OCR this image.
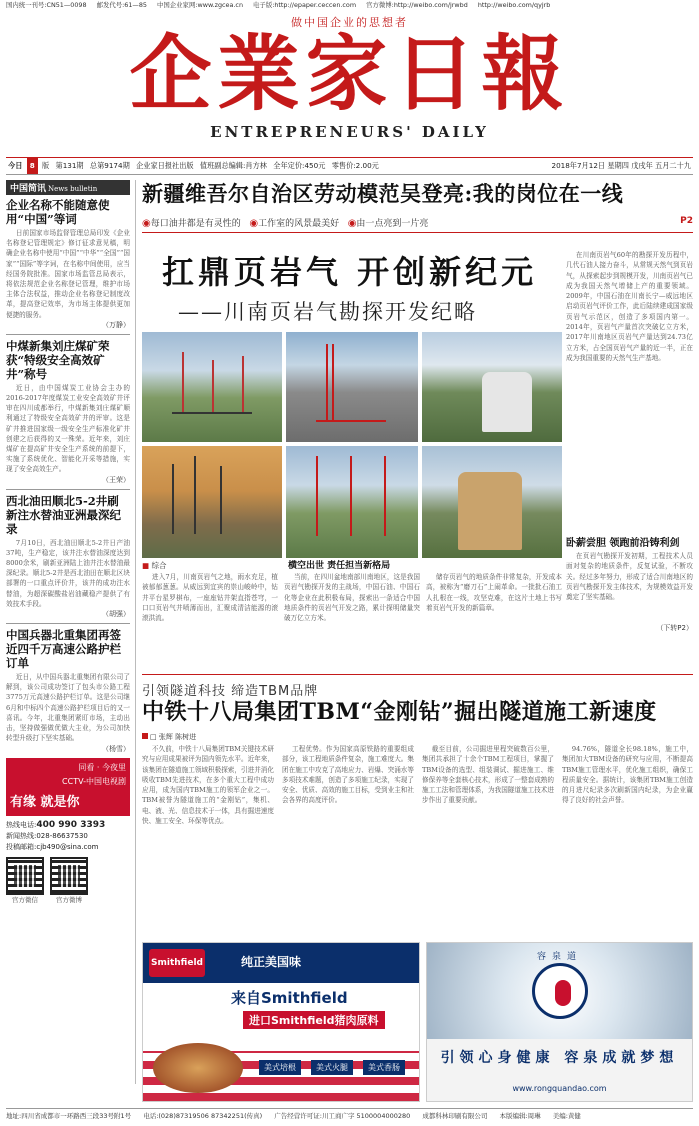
国内统一刊号:CN51—0098 邮发代号:61—85 中国企业家网:www.zgcea.cn 电子版:http://epaper.ceccen.com 官方微博:http://weibo.com/jrwbd http://weibo.com/qyjrb
做中国企业的思想者
企業家日報
ENTREPRENEURS' DAILY
今日 8 版 第131期 总第9174期 企业家日报社出版 值班副总编辑:肖方林 全年定价:450元 零售价:2.00元	2018年7月12日 星期四 戊戌年 五月二十九
中国简讯 News bulletin
企业名称不能随意使用“中国”等词
日前国家市场监督管理总局印发《企业名称登记管理规定》修订征求意见稿，明确企业名称中使用“中国”“中华”“全国”“国家”“国际”等字词，在名称中间使用，应当经国务院批准。国家市场监管总局表示，将依法规范企业名称登记管理，维护市场主体合法权益，推动企业名称登记制度改革，提高登记效率，为市场主体提供更加便捷的服务。
（万静）
中煤新集刘庄煤矿荣获“特级安全高效矿井”称号
近日，由中国煤炭工业协会主办的2016-2017年度煤炭工业安全高效矿井评审在四川成都举行，中煤新集刘庄煤矿顺利通过了特级安全高效矿井的评审。这是矿井推进国家级一级安全生产标准化矿井创建之后获得的又一殊荣。近年来，刘庄煤矿在提高矿井安全生产系统的前提下，实施了系统优化、智能化开采等措施，实现了安全高效生产。
（王荣）
西北油田顺北5-2井刷新注水替油亚洲最深纪录
7月10日，西北油田顺北5-2井日产油37吨，生产稳定，该井注水替油深度达到8000余米，刷新亚洲陆上油井注水替油最深纪录。顺北5-2井是西北油田在顺北区块部署的一口重点评价井，该井的成功注水替油，为超深碳酸盐岩油藏稳产提供了有效技术手段。
（胡强）
中国兵器北重集团再签近四千万高速公路护栏订单
近日，从中国兵器北重集团有限公司了解到，该公司成功签订了包头市公路工程3775万元高速公路护栏订单。这是公司继6月和中标四个高速公路护栏项目后的又一喜讯。今年，北重集团紧盯市场，主动出击，坚持做强做优做大主业，为公司加快转型升级打下坚实基础。
（杨雪）
同看 · 今夜里
CCTV-中国电视剧
有缘 就是你
热线电话:400 990 3393
新闻热线:028-86637530
投稿邮箱:cjb490@sina.com
官方微信	官方微博
新疆维吾尔自治区劳动模范吴登亮:我的岗位在一线
◉每口油井都是有灵性的 ◉工作室的风景最美好 ◉由一点亮到一片亮	P2
扛鼎页岩气 开创新纪元
——川南页岩气勘探开发纪略
■ 综合	横空出世 责任担当新格局
进入7月，川南页岩气之地，雨水充足，植被郁郁葱葱。从威远到宜宾的崇山峻岭中，钻井平台星罗棋布，一座座钻井架直指苍穹，一口口页岩气井喷薄而出，汇聚成清洁能源的滚滚洪流。
当前，在四川盆地南部川南地区，这是我国页岩气勘探开发的主战场，中国石油、中国石化等企业在此积极布局，探索出一条适合中国地质条件的页岩气开发之路，累计探明储量突破万亿立方米。
储存页岩气的地质条件非常复杂，开发成本高，被称为“磨刀石”上闹革命。一批批石油工人扎根在一线，攻坚克难，在这片土地上书写着页岩气开发的新篇章。
在川南页岩气60年的勘探开发历程中，几代石油人接力奋斗，从常规天然气到页岩气，从探索起步到规模开发，川南页岩气已成为我国天然气增储上产的重要领域。2009年，中国石油在川南长宁—威远地区启动页岩气评价工作，此后陆续建成国家级页岩气示范区，创造了多项国内第一。2014年，页岩气产量首次突破亿立方米，2017年川南地区页岩气产量达到24.73亿立方米，占全国页岩气产量的近一半，正在成为我国重要的天然气生产基地。
卧薪尝胆 领跑前沿铸利剑
在页岩气勘探开发初期，工程技术人员面对复杂的地质条件，反复试验，不断攻关。经过多年努力，形成了适合川南地区的页岩气勘探开发主体技术，为规模效益开发奠定了坚实基础。
（下转P2）
引领隧道科技 缔造TBM品牌
中铁十八局集团TBM“金刚钻”掘出隧道施工新速度
□ 张辉 陈树进
不久前，中铁十八局集团TBM关键技术研究与应用成果被评为国内领先水平。近年来，该集团在隧道施工领域积极探索，引进并消化吸收TBM先进技术，在多个重大工程中成功应用，成为国内TBM施工的领军企业之一。TBM被誉为隧道施工的“金刚钻”，集机、电、液、光、信息技术于一体，具有掘进速度快、施工安全、环保等优点。
工程优势。作为国家高原铁路的重要组成部分，该工程地质条件复杂，施工难度大。集团在施工中攻克了高地应力、岩爆、突涌水等多项技术难题，创造了多项施工纪录，实现了安全、优质、高效的施工目标，受到业主和社会各界的高度评价。
截至目前，公司掘进里程突破数百公里，集团共承担了十余个TBM工程项目，掌握了TBM设备的选型、组装调试、掘进施工、维修保养等全套核心技术，形成了一整套成熟的施工工法和管理体系，为我国隧道施工技术进步作出了重要贡献。
94.76%，隧道全长98.18%，施工中，集团加大TBM设备的研究与应用，不断提高TBM施工管理水平，优化施工组织，确保工程质量安全。据统计，该集团TBM施工创造的月进尺纪录多次刷新国内纪录，为企业赢得了良好的社会声誉。
Smithfield	纯正美国味
来自Smithfield
进口Smithfield猪肉原料
美式培根	美式火腿	美式香肠
容泉道
引领心身健康 容泉成就梦想
www.rongquandao.com
地址:四川省成都市一环路西三段33号附1号 电话:(028)87319506 87342251(传真) 广告经营许可证:川工商广字 5100004000280 成都科林印刷有限公司 本版编辑:周琳 美编:黄健
